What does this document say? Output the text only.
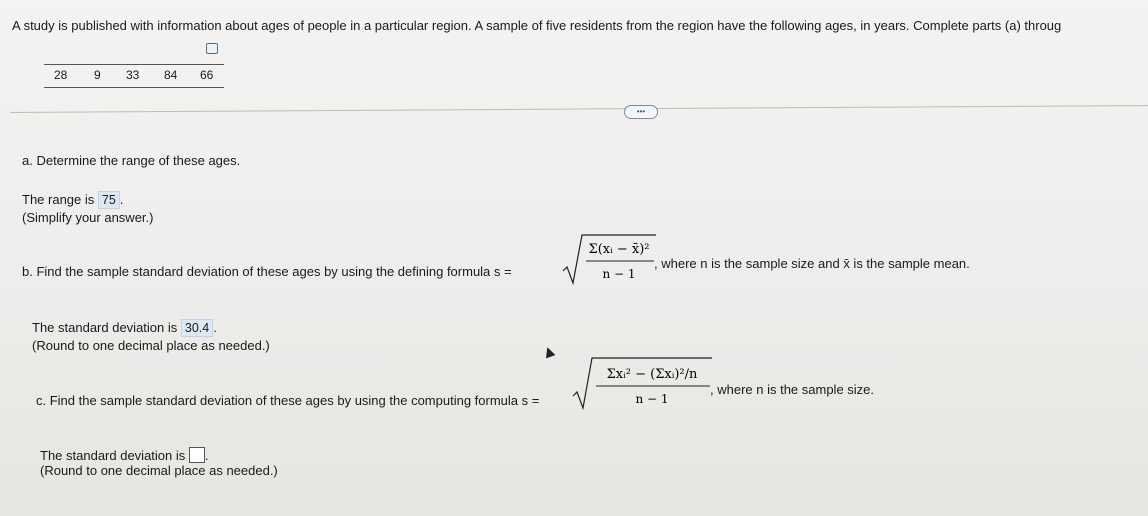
A study is published with information about ages of people in a particular region. A sample of five residents from the region have the following ages, in years. Complete parts (a) throug
28 9 33 84 66
•••
a. Determine the range of these ages.
The range is 75 .
(Simplify your answer.)
b. Find the sample standard deviation of these ages by using the defining formula s =
Σ(xᵢ − x̄)²
n − 1
, where n is the sample size and x̄ is the sample mean.
The standard deviation is 30.4 .
(Round to one decimal place as needed.)
c. Find the sample standard deviation of these ages by using the computing formula s =
Σxᵢ² − (Σxᵢ)²/n
n − 1
, where n is the sample size.
The standard deviation is .
(Round to one decimal place as needed.)
